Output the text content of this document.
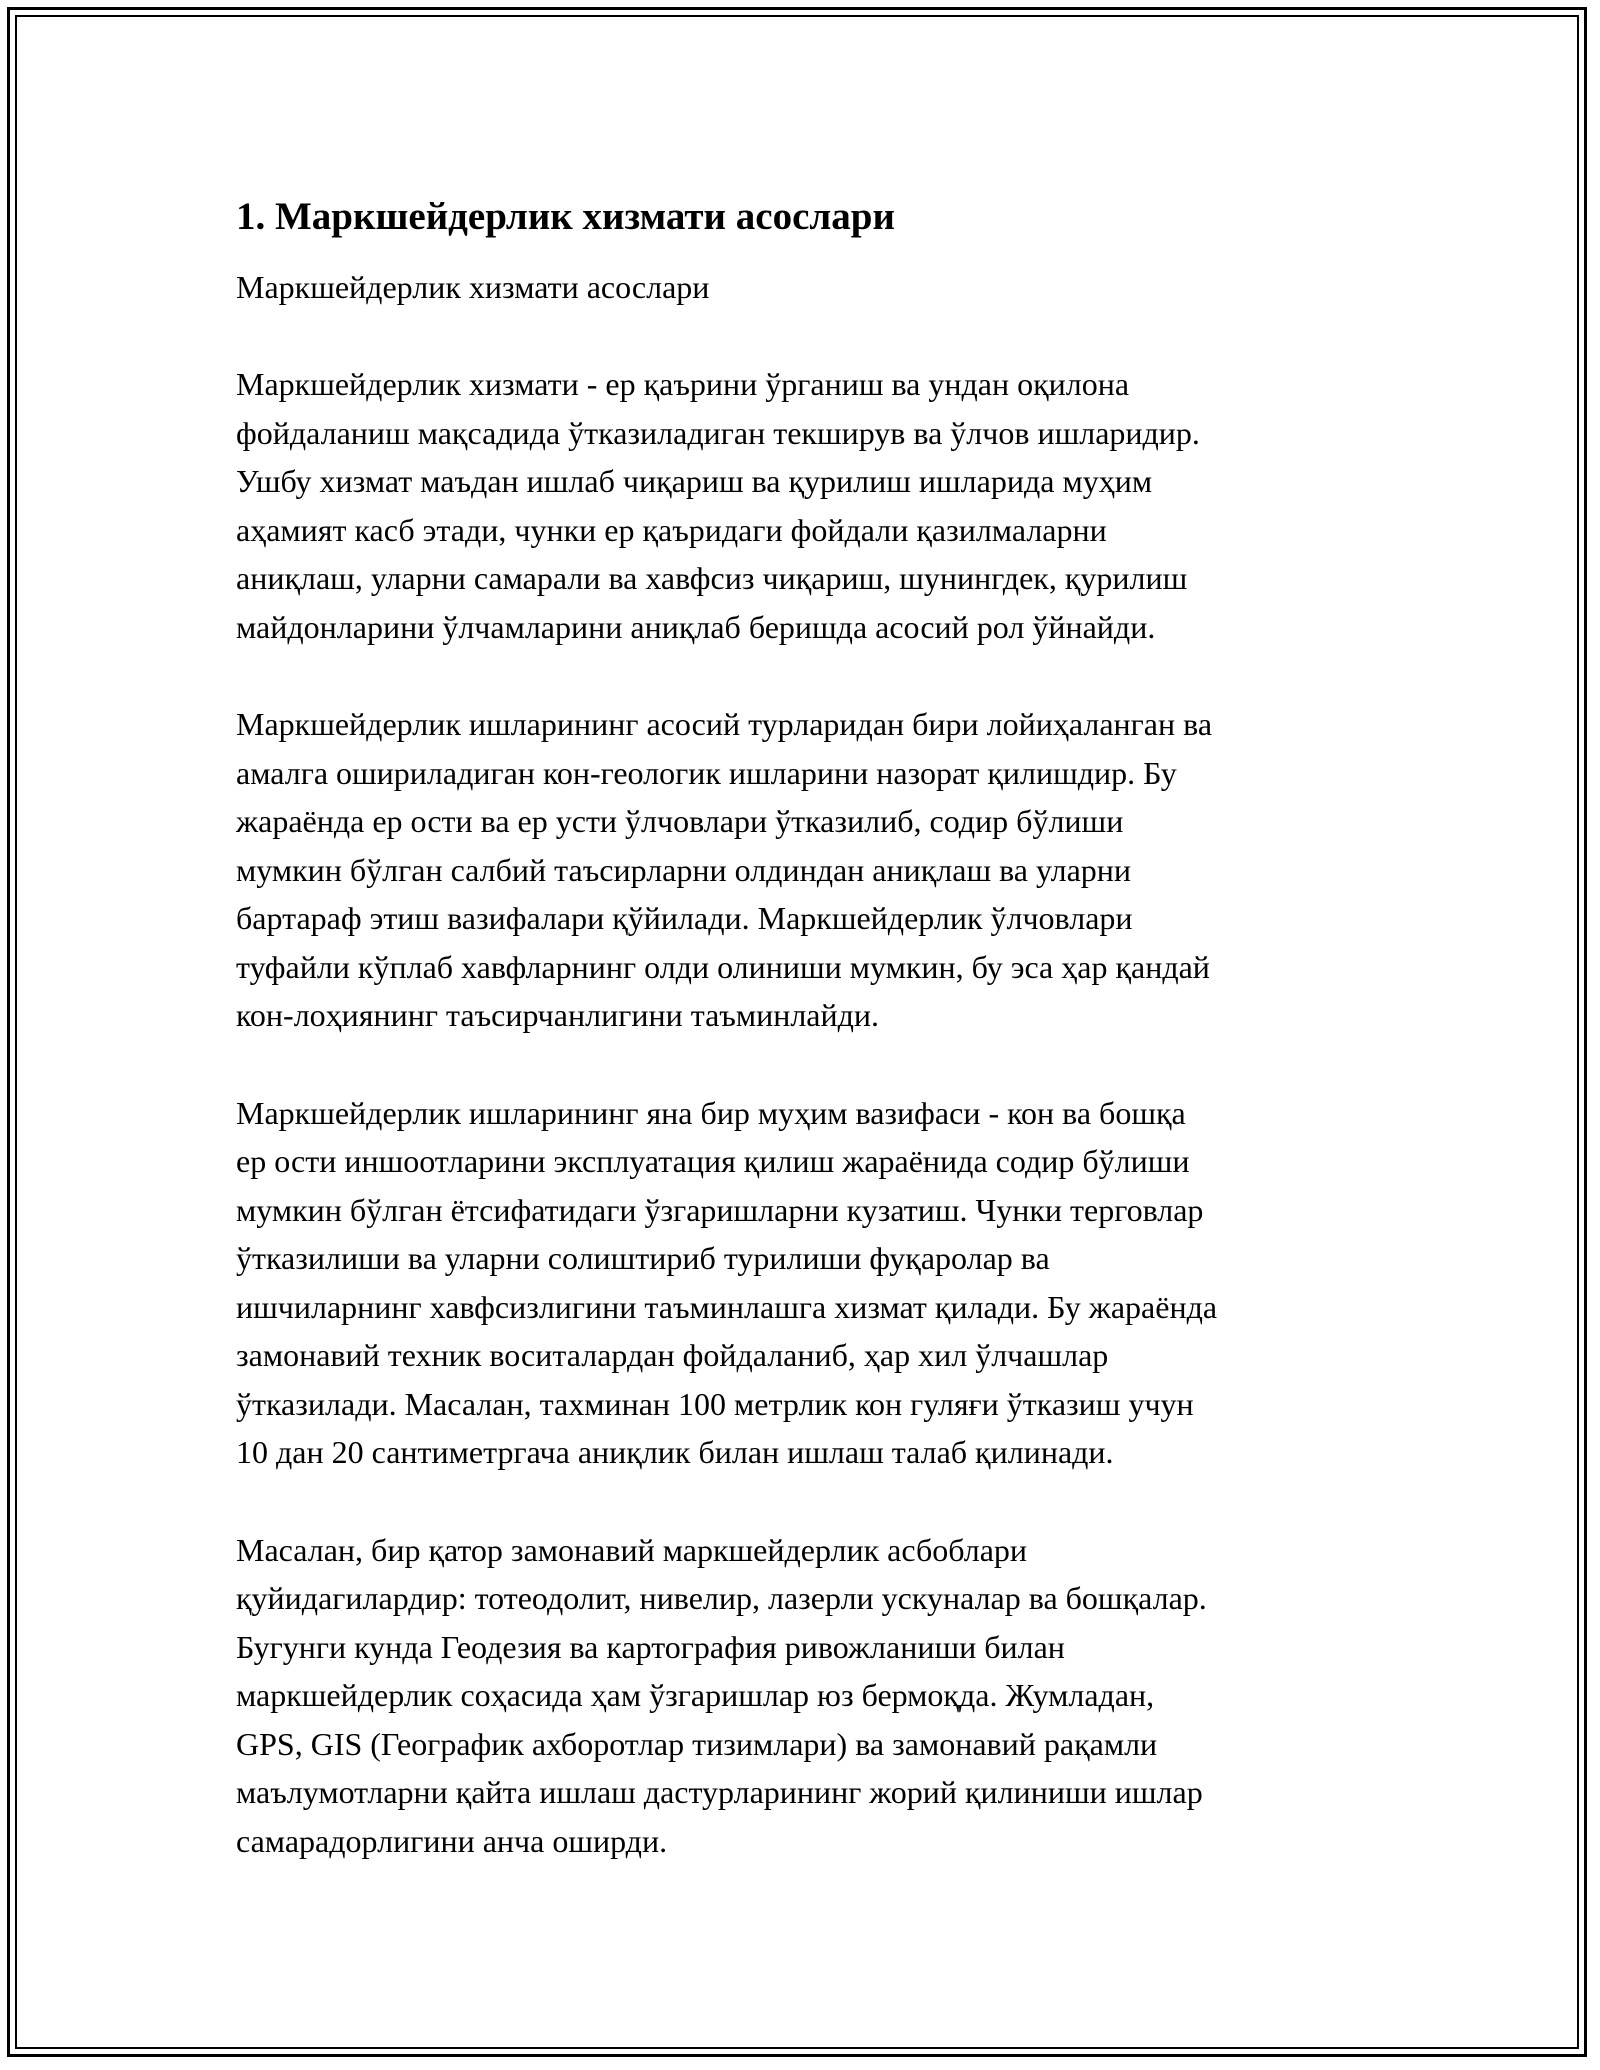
1. Маркшейдерлик хизмати асослари
Маркшейдерлик хизмати асослари
Маркшейдерлик хизмати - ер қаърини ўрганиш ва ундан оқилона
фойдаланиш мақсадида ўтказиладиган текширув ва ўлчов ишларидир.
Ушбу хизмат маъдан ишлаб чиқариш ва қурилиш ишларида муҳим
аҳамият касб этади, чунки ер қаъридаги фойдали қазилмаларни
аниқлаш, уларни самарали ва хавфсиз чиқариш, шунингдек, қурилиш
майдонларини ўлчамларини аниқлаб беришда асосий рол ўйнайди.
Маркшейдерлик ишларининг асосий турларидан бири лойиҳаланган ва
амалга ошириладиган кон-геологик ишларини назорат қилишдир. Бу
жараёнда ер ости ва ер усти ўлчовлари ўтказилиб, содир бўлиши
мумкин бўлган салбий таъсирларни олдиндан аниқлаш ва уларни
бартараф этиш вазифалари қўйилади. Маркшейдерлик ўлчовлари
туфайли кўплаб хавфларнинг олди олиниши мумкин, бу эса ҳар қандай
кон-лоҳиянинг таъсирчанлигини таъминлайди.
Маркшейдерлик ишларининг яна бир муҳим вазифаси - кон ва бошқа
ер ости иншоотларини эксплуатация қилиш жараёнида содир бўлиши
мумкин бўлган ётсифатидаги ўзгаришларни кузатиш. Чунки терговлар
ўтказилиши ва уларни солиштириб турилиши фуқаролар ва
ишчиларнинг хавфсизлигини таъминлашга хизмат қилади. Бу жараёнда
замонавий техник воситалардан фойдаланиб, ҳар хил ўлчашлар
ўтказилади. Масалан, тахминан 100 метрлик кон гуляғи ўтказиш учун
10 дан 20 сантиметргача аниқлик билан ишлаш талаб қилинади.
Масалан, бир қатор замонавий маркшейдерлик асбоблари
қуйидагилардир: тотеодолит, нивелир, лазерли ускуналар ва бошқалар.
Бугунги кунда Геодезия ва картография ривожланиши билан
маркшейдерлик соҳасида ҳам ўзгаришлар юз бермоқда. Жумладан,
GPS, GIS (Географик ахборотлар тизимлари) ва замонавий рақамли
маълумотларни қайта ишлаш дастурларининг жорий қилиниши ишлар
самарадорлигини анча оширди.
